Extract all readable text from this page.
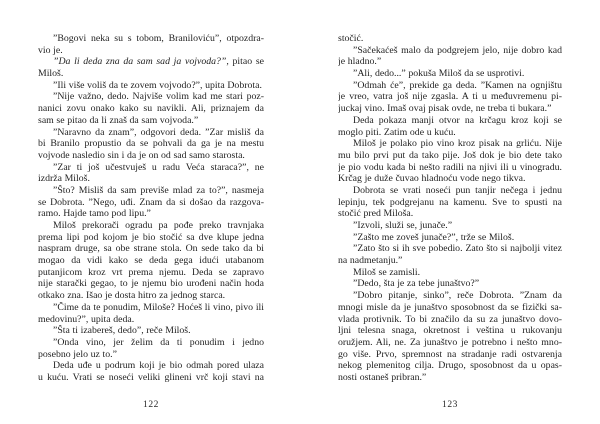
”Bogovi neka su s tobom, Braniloviću”, otpozdra-
vio je.
”Da li deda zna da sam sad ja vojvoda?”, pitao se
Miloš.
”Ili više voliš da te zovem vojvodo?”, upita Dobrota.
”Nije važno, dedo. Najviše volim kad me stari poz-
nanici zovu onako kako su navikli. Ali, priznajem da
sam se pitao da li znaš da sam vojvoda.”
”Naravno da znam”, odgovori deda. ”Zar misliš da
bi Branilo propustio da se pohvali da ga je na mestu
vojvode nasledio sin i da je on od sad samo starosta.
”Zar ti još učestvuješ u radu Veća staraca?”, ne
izdrža Miloš.
”Što? Misliš da sam previše mlad za to?”, nasmeja
se Dobrota. ”Nego, uđi. Znam da si došao da razgova-
ramo. Hajde tamo pod lipu.”
Miloš prekorači ogradu pa pođe preko travnjaka
prema lipi pod kojom je bio stočić sa dve klupe jedna
naspram druge, sa obe strane stola. On sede tako da bi
mogao da vidi kako se deda gega idući utabanom
putanjicom kroz vrt prema njemu. Deda se zapravo
nije starački gegao, to je njemu bio urođeni način hoda
otkako zna. Išao je dosta hitro za jednog starca.
”Čime da te ponudim, Miloše? Hoćeš li vino, pivo ili
medovinu?”, upita deda.
”Šta ti izabereš, dedo”, reče Miloš.
”Onda vino, jer želim da ti ponudim i jedno
posebno jelo uz to.”
Deda uđe u podrum koji je bio odmah pored ulaza
u kuću. Vrati se noseći veliki glineni vrč koji stavi na
stočić.
”Sačekaćeš malo da podgrejem jelo, nije dobro kad
je hladno.”
”Ali, dedo...” pokuša Miloš da se usprotivi.
”Odmah će”, prekide ga deda. ”Kamen na ognjištu
je vreo, vatra još nije zgasla. A ti u međuvremenu pi-
juckaj vino. Imaš ovaj pisak ovde, ne treba ti bukara.”
Deda pokaza manji otvor na krčagu kroz koji se
moglo piti. Zatim ode u kuću.
Miloš je polako pio vino kroz pisak na grliću. Nije
mu bilo prvi put da tako pije. Još dok je bio dete tako
je pio vodu kada bi nešto radili na njivi ili u vinogradu.
Krčag je duže čuvao hladnoću vode nego tikva.
Dobrota se vrati noseći pun tanjir nečega i jednu
lepinju, tek podgrejanu na kamenu. Sve to spusti na
stočić pred Miloša.
”Izvoli, služi se, junače.”
”Zašto me zoveš junače?”, trže se Miloš.
”Zato što si ih sve pobedio. Zato što si najbolji vitez
na nadmetanju.”
Miloš se zamisli.
”Dedo, šta je za tebe junaštvo?”
”Dobro pitanje, sinko”, reče Dobrota. ”Znam da
mnogi misle da je junaštvo sposobnost da se fizički sa-
vlada protivnik. To bi značilo da su za junaštvo dovo-
ljni telesna snaga, okretnost i veština u rukovanju
oružjem. Ali, ne. Za junaštvo je potrebno i nešto mno-
go više. Prvo, spremnost na stradanje radi ostvarenja
nekog plemenitog cilja. Drugo, sposobnost da u opas-
nosti ostaneš pribran.”
122	123
